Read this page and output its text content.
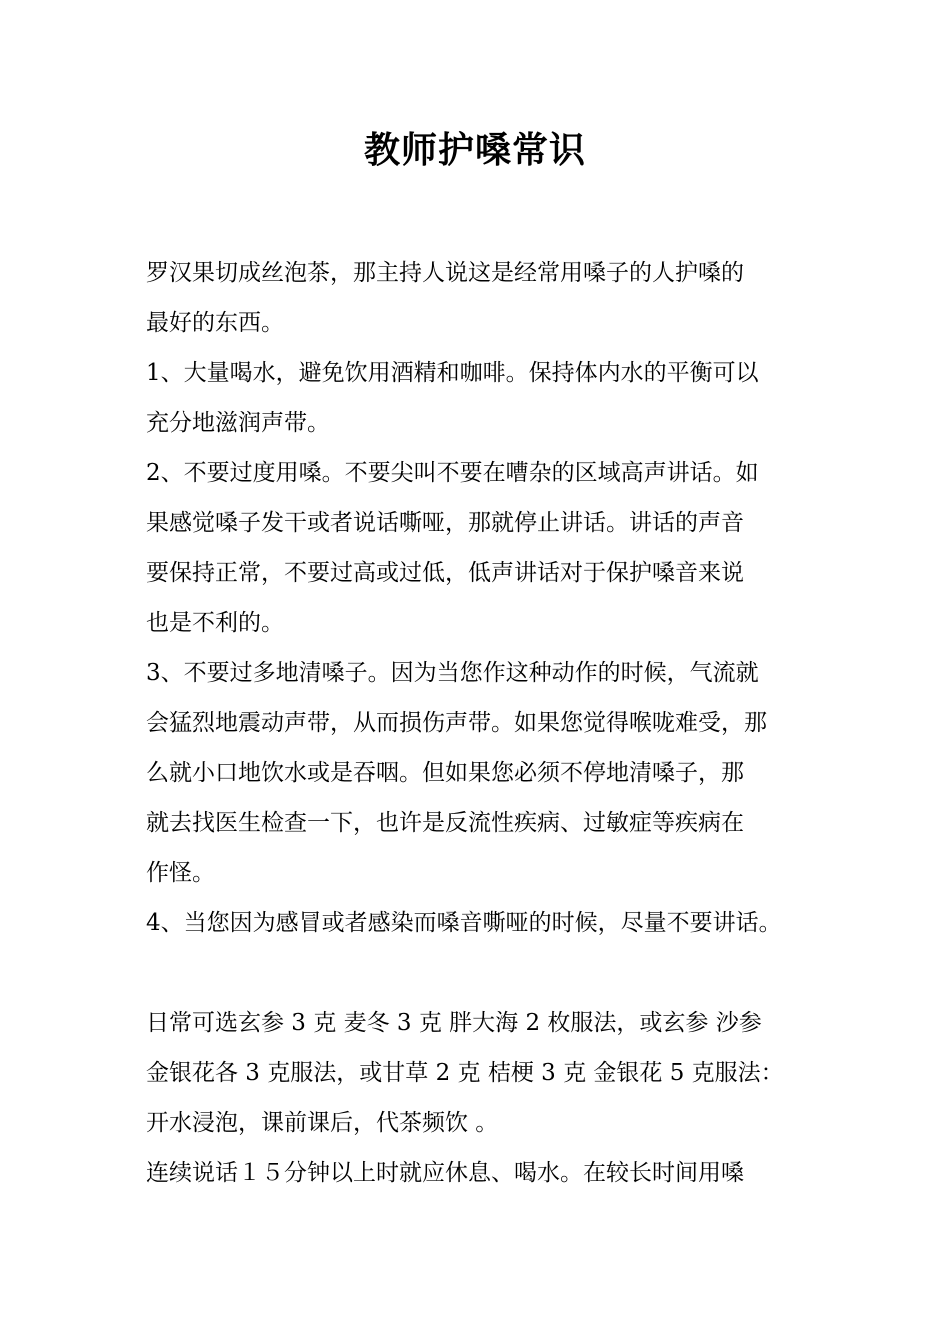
教师护嗓常识

罗汉果切成丝泡茶，那主持人说这是经常用嗓子的人护嗓的
最好的东西。

1、大量喝水，避免饮用酒精和咖啡。保持体内水的平衡可以
充分地滋润声带。

2、不要过度用嗓。不要尖叫不要在嘈杂的区域高声讲话。如
果感觉嗓子发干或者说话嘶哑，那就停止讲话。讲话的声音
要保持正常，不要过高或过低，低声讲话对于保护嗓音来说
也是不利的。

3、不要过多地清嗓子。因为当您作这种动作的时候，气流就
会猛烈地震动声带，从而损伤声带。如果您觉得喉咙难受，那
么就小口地饮水或是吞咽。但如果您必须不停地清嗓子，那
就去找医生检查一下，也许是反流性疾病、过敏症等疾病在
作怪。

4、当您因为感冒或者感染而嗓音嘶哑的时候，尽量不要讲话。

日常可选玄参 3 克 麦冬 3 克 胖大海 2 枚服法，或玄参 沙参
金银花各 3 克服法，或甘草 2 克 桔梗 3 克 金银花 5 克服法：
开水浸泡，课前课后，代茶频饮 。

连续说话１５分钟以上时就应休息、喝水。在较长时间用嗓
